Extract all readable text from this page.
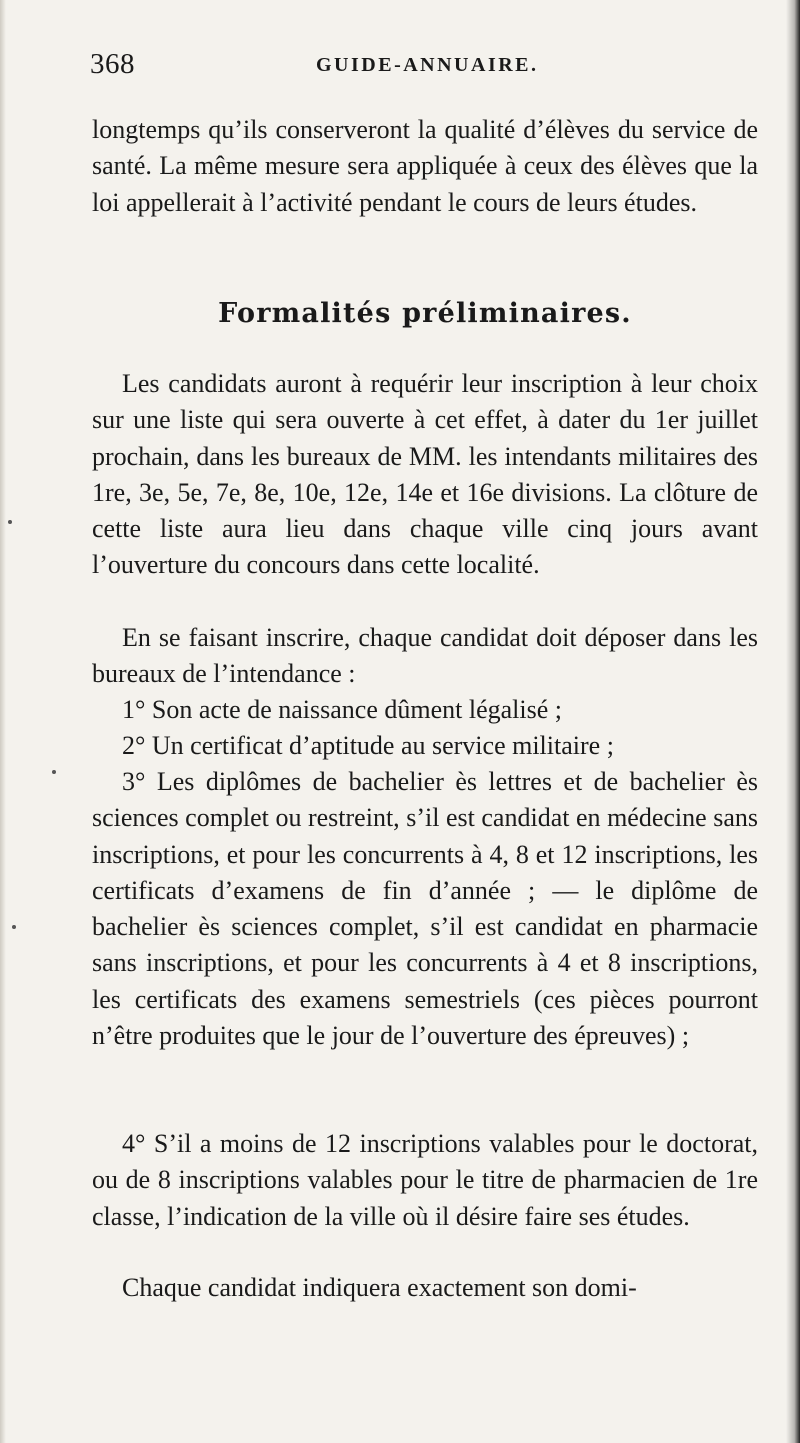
368	GUIDE-ANNUAIRE.
longtemps qu’ils conserveront la qualité d’élèves du service de santé. La même mesure sera appliquée à ceux des élèves que la loi appellerait à l’activité pendant le cours de leurs études.
Formalités préliminaires.
Les candidats auront à requérir leur inscription à leur choix sur une liste qui sera ouverte à cet effet, à dater du 1er juillet prochain, dans les bureaux de MM. les intendants militaires des 1re, 3e, 5e, 7e, 8e, 10e, 12e, 14e et 16e divisions. La clôture de cette liste aura lieu dans chaque ville cinq jours avant l’ouverture du concours dans cette localité.
En se faisant inscrire, chaque candidat doit déposer dans les bureaux de l’intendance :
1° Son acte de naissance dûment légalisé ;
2° Un certificat d’aptitude au service militaire ;
3° Les diplômes de bachelier ès lettres et de bachelier ès sciences complet ou restreint, s’il est candidat en médecine sans inscriptions, et pour les concurrents à 4, 8 et 12 inscriptions, les certificats d’examens de fin d’année ; — le diplôme de bachelier ès sciences complet, s’il est candidat en pharmacie sans inscriptions, et pour les concurrents à 4 et 8 inscriptions, les certificats des examens semestriels (ces pièces pourront n’être produites que le jour de l’ouverture des épreuves) ;
4° S’il a moins de 12 inscriptions valables pour le doctorat, ou de 8 inscriptions valables pour le titre de pharmacien de 1re classe, l’indication de la ville où il désire faire ses études.
Chaque candidat indiquera exactement son domi-
